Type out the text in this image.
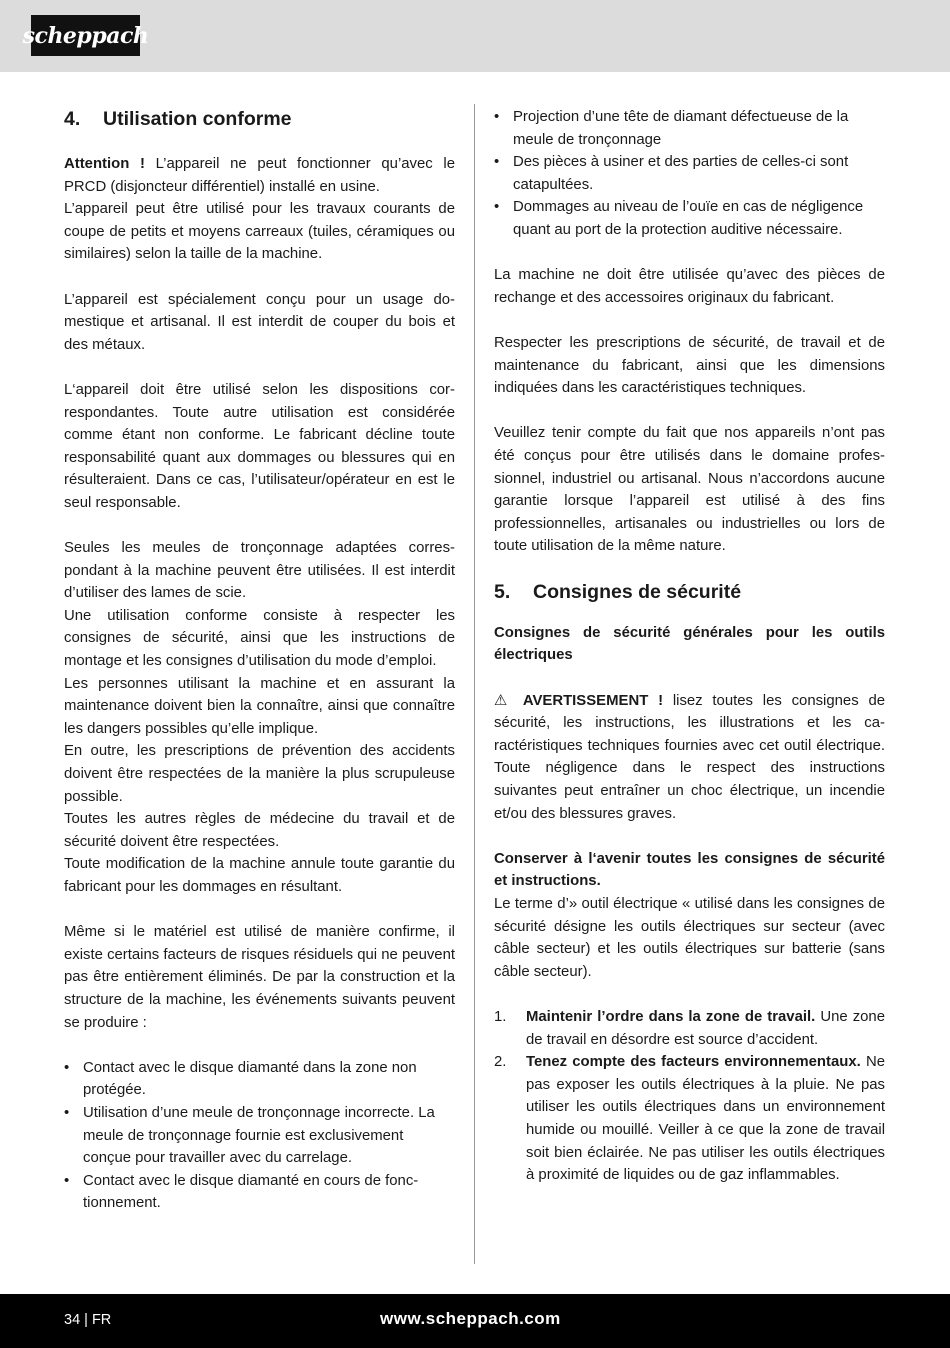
scheppach
4.	Utilisation conforme

Attention ! L’appareil ne peut fonctionner qu’avec le PRCD (disjoncteur différentiel) installé en usine.

L’appareil peut être utilisé pour les travaux courants de coupe de petits et moyens carreaux (tuiles, céramiques ou similaires) selon la taille de la machine.

L’appareil est spécialement conçu pour un usage domestique et artisanal. Il est interdit de couper du bois et des métaux.

L‘appareil doit être utilisé selon les dispositions correspondantes. Toute autre utilisation est considérée comme étant non conforme. Le fabricant décline toute responsabilité quant aux dommages ou blessures qui en résulteraient. Dans ce cas, l’utilisateur/opérateur en est le seul responsable.

Seules les meules de tronçonnage adaptées correspondant à la machine peuvent être utilisées. Il est interdit d’utiliser des lames de scie.

Une utilisation conforme consiste à respecter les consignes de sécurité, ainsi que les instructions de montage et les consignes d’utilisation du mode d’emploi.

Les personnes utilisant la machine et en assurant la maintenance doivent bien la connaître, ainsi que connaître les dangers possibles qu’elle implique.

En outre, les prescriptions de prévention des accidents doivent être respectées de la manière la plus scrupuleuse possible.

Toutes les autres règles de médecine du travail et de sécurité doivent être respectées.

Toute modification de la machine annule toute garantie du fabricant pour les dommages en résultant.

Même si le matériel est utilisé de manière confirme, il existe certains facteurs de risques résiduels qui ne peuvent pas être entièrement éliminés. De par la construction et la structure de la machine, les événements suivants peuvent se produire :

• Contact avec le disque diamanté dans la zone non protégée.
• Utilisation d’une meule de tronçonnage incorrecte. La meule de tronçonnage fournie est exclusivement conçue pour travailler avec du carrelage.
• Contact avec le disque diamanté en cours de fonctionnement.
• Projection d’une tête de diamant défectueuse de la meule de tronçonnage
• Des pièces à usiner et des parties de celles-ci sont catapultées.
• Dommages au niveau de l’ouïe en cas de négligence quant au port de la protection auditive nécessaire.

La machine ne doit être utilisée qu’avec des pièces de rechange et des accessoires originaux du fabricant.

Respecter les prescriptions de sécurité, de travail et de maintenance du fabricant, ainsi que les dimensions indiquées dans les caractéristiques techniques.

Veuillez tenir compte du fait que nos appareils n’ont pas été conçus pour être utilisés dans le domaine professionnel, industriel ou artisanal. Nous n’accordons aucune garantie lorsque l’appareil est utilisé à des fins professionnelles, artisanales ou industrielles ou lors de toute utilisation de la même nature.

5.	Consignes de sécurité

Consignes de sécurité générales pour les outils électriques

⚠ AVERTISSEMENT ! lisez toutes les consignes de sécurité, les instructions, les illustrations et les caractéristiques techniques fournies avec cet outil électrique. Toute négligence dans le respect des instructions suivantes peut entraîner un choc électrique, un incendie et/ou des blessures graves.

Conserver à l‘avenir toutes les consignes de sécurité et instructions.

Le terme d’» outil électrique « utilisé dans les consignes de sécurité désigne les outils électriques sur secteur (avec câble secteur) et les outils électriques sur batterie (sans câble secteur).

1. Maintenir l’ordre dans la zone de travail. Une zone de travail en désordre est source d’accident.
2. Tenez compte des facteurs environnementaux. Ne pas exposer les outils électriques à la pluie. Ne pas utiliser les outils électriques dans un environnement humide ou mouillé. Veiller à ce que la zone de travail soit bien éclairée. Ne pas utiliser les outils électriques à proximité de liquides ou de gaz inflammables.
34 | FR	www.scheppach.com
